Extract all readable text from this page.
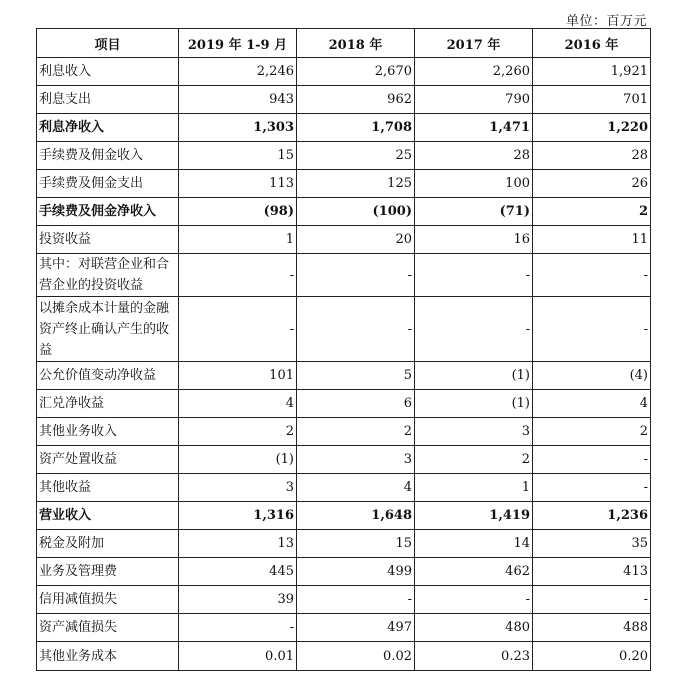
单位：百万元
项目	2019 年 1-9 月	2018 年	2017 年	2016 年
利息收入	2,246	2,670	2,260	1,921
利息支出	943	962	790	701
利息净收入	1,303	1,708	1,471	1,220
手续费及佣金收入	15	25	28	28
手续费及佣金支出	113	125	100	26
手续费及佣金净收入	(98)	(100)	(71)	2
投资收益	1	20	16	11
其中：对联营企业和合营企业的投资收益	-	-	-	-
以摊余成本计量的金融资产终止确认产生的收益	-	-	-	-
公允价值变动净收益	101	5	(1)	(4)
汇兑净收益	4	6	(1)	4
其他业务收入	2	2	3	2
资产处置收益	(1)	3	2	-
其他收益	3	4	1	-
营业收入	1,316	1,648	1,419	1,236
税金及附加	13	15	14	35
业务及管理费	445	499	462	413
信用减值损失	39	-	-	-
资产减值损失	-	497	480	488
其他业务成本	0.01	0.02	0.23	0.20
